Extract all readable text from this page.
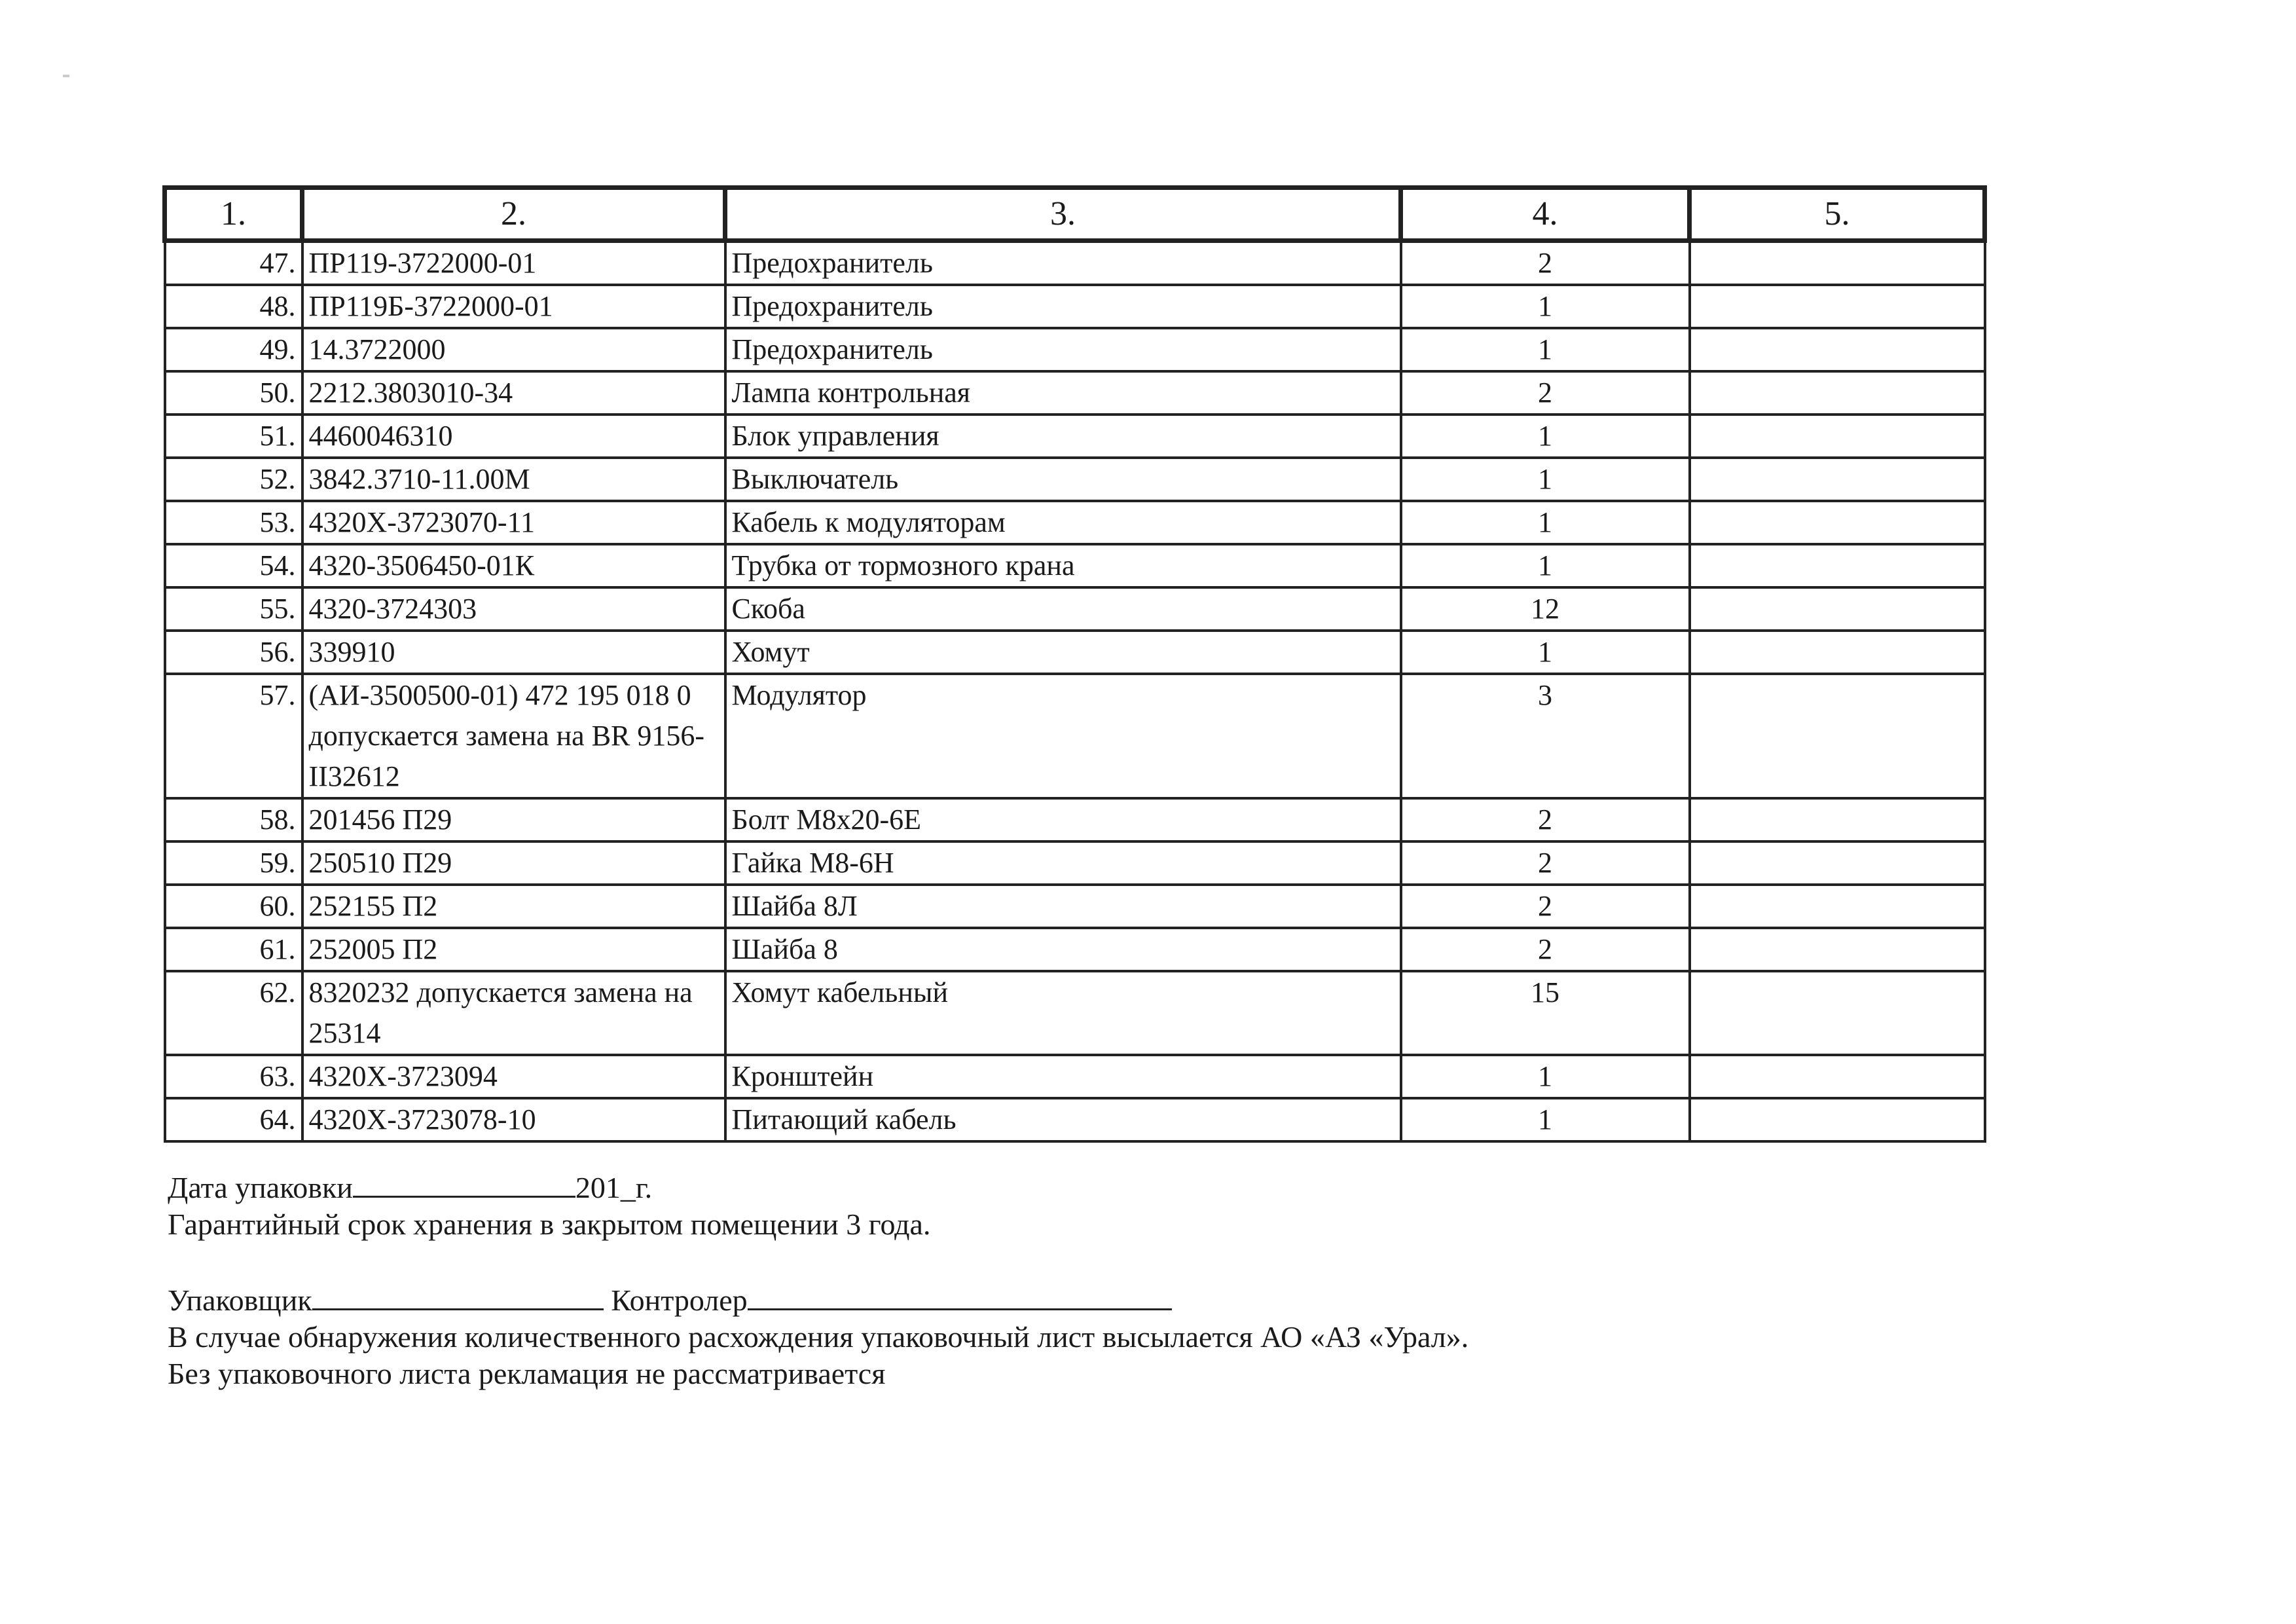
1.	2.	3.	4.	5.
47.	ПР119-3722000-01	Предохранитель	2	
48.	ПР119Б-3722000-01	Предохранитель	1	
49.	14.3722000	Предохранитель	1	
50.	2212.3803010-34	Лампа контрольная	2	
51.	4460046310	Блок управления	1	
52.	3842.3710-11.00М	Выключатель	1	
53.	4320Х-3723070-11	Кабель к модуляторам	1	
54.	4320-3506450-01К	Трубка от тормозного крана	1	
55.	4320-3724303	Скоба	12	
56.	339910	Хомут	1	
57.	(АИ-3500500-01) 472 195 018 0 допускается замена на BR 9156-II32612	Модулятор	3	
58.	201456 П29	Болт М8х20-6Е	2	
59.	250510 П29	Гайка М8-6Н	2	
60.	252155 П2	Шайба 8Л	2	
61.	252005 П2	Шайба 8	2	
62.	8320232 допускается замена на 25314	Хомут кабельный	15	
63.	4320Х-3723094	Кронштейн	1	
64.	4320Х-3723078-10	Питающий кабель	1	
Дата упаковки	201_г.
Гарантийный срок хранения в закрытом помещении 3 года.
Упаковщик	Контролер
В случае обнаружения количественного расхождения упаковочный лист высылается АО «АЗ «Урал».
Без упаковочного листа рекламация не рассматривается
